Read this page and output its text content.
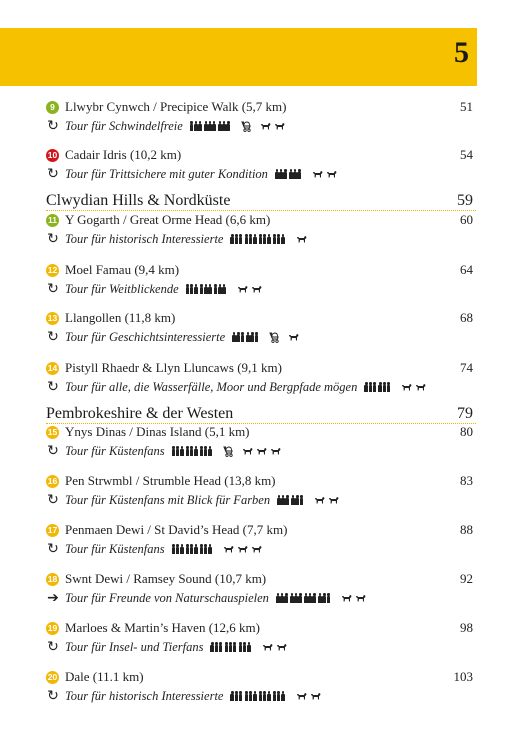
5
9 Llwybr Cynwch / Precipice Walk (5,7 km)	51
↻ Tour für Schwindelfreie
10 Cadair Idris (10,2 km)	54
↻ Tour für Trittsichere mit guter Kondition
Clwydian Hills & Nordküste	59
11 Y Gogarth / Great Orme Head (6,6 km)	60
↻ Tour für historisch Interessierte
12 Moel Famau (9,4 km)	64
↻ Tour für Weitblickende
13 Llangollen (11,8 km)	68
↻ Tour für Geschichtsinteressierte
14 Pistyll Rhaedr & Llyn Lluncaws (9,1 km)	74
↻ Tour für alle, die Wasserfälle, Moor und Bergpfade mögen
Pembrokeshire & der Westen	79
15 Ynys Dinas / Dinas Island (5,1 km)	80
↻ Tour für Küstenfans
16 Pen Strwmbl / Strumble Head (13,8 km)	83
↻ Tour für Küstenfans mit Blick für Farben
17 Penmaen Dewi / St David’s Head (7,7 km)	88
↻ Tour für Küstenfans
18 Swnt Dewi / Ramsey Sound (10,7 km)	92
➔ Tour für Freunde von Naturschauspielen
19 Marloes & Martin’s Haven (12,6 km)	98
↻ Tour für Insel- und Tierfans
20 Dale (11.1 km)	103
↻ Tour für historisch Interessierte
